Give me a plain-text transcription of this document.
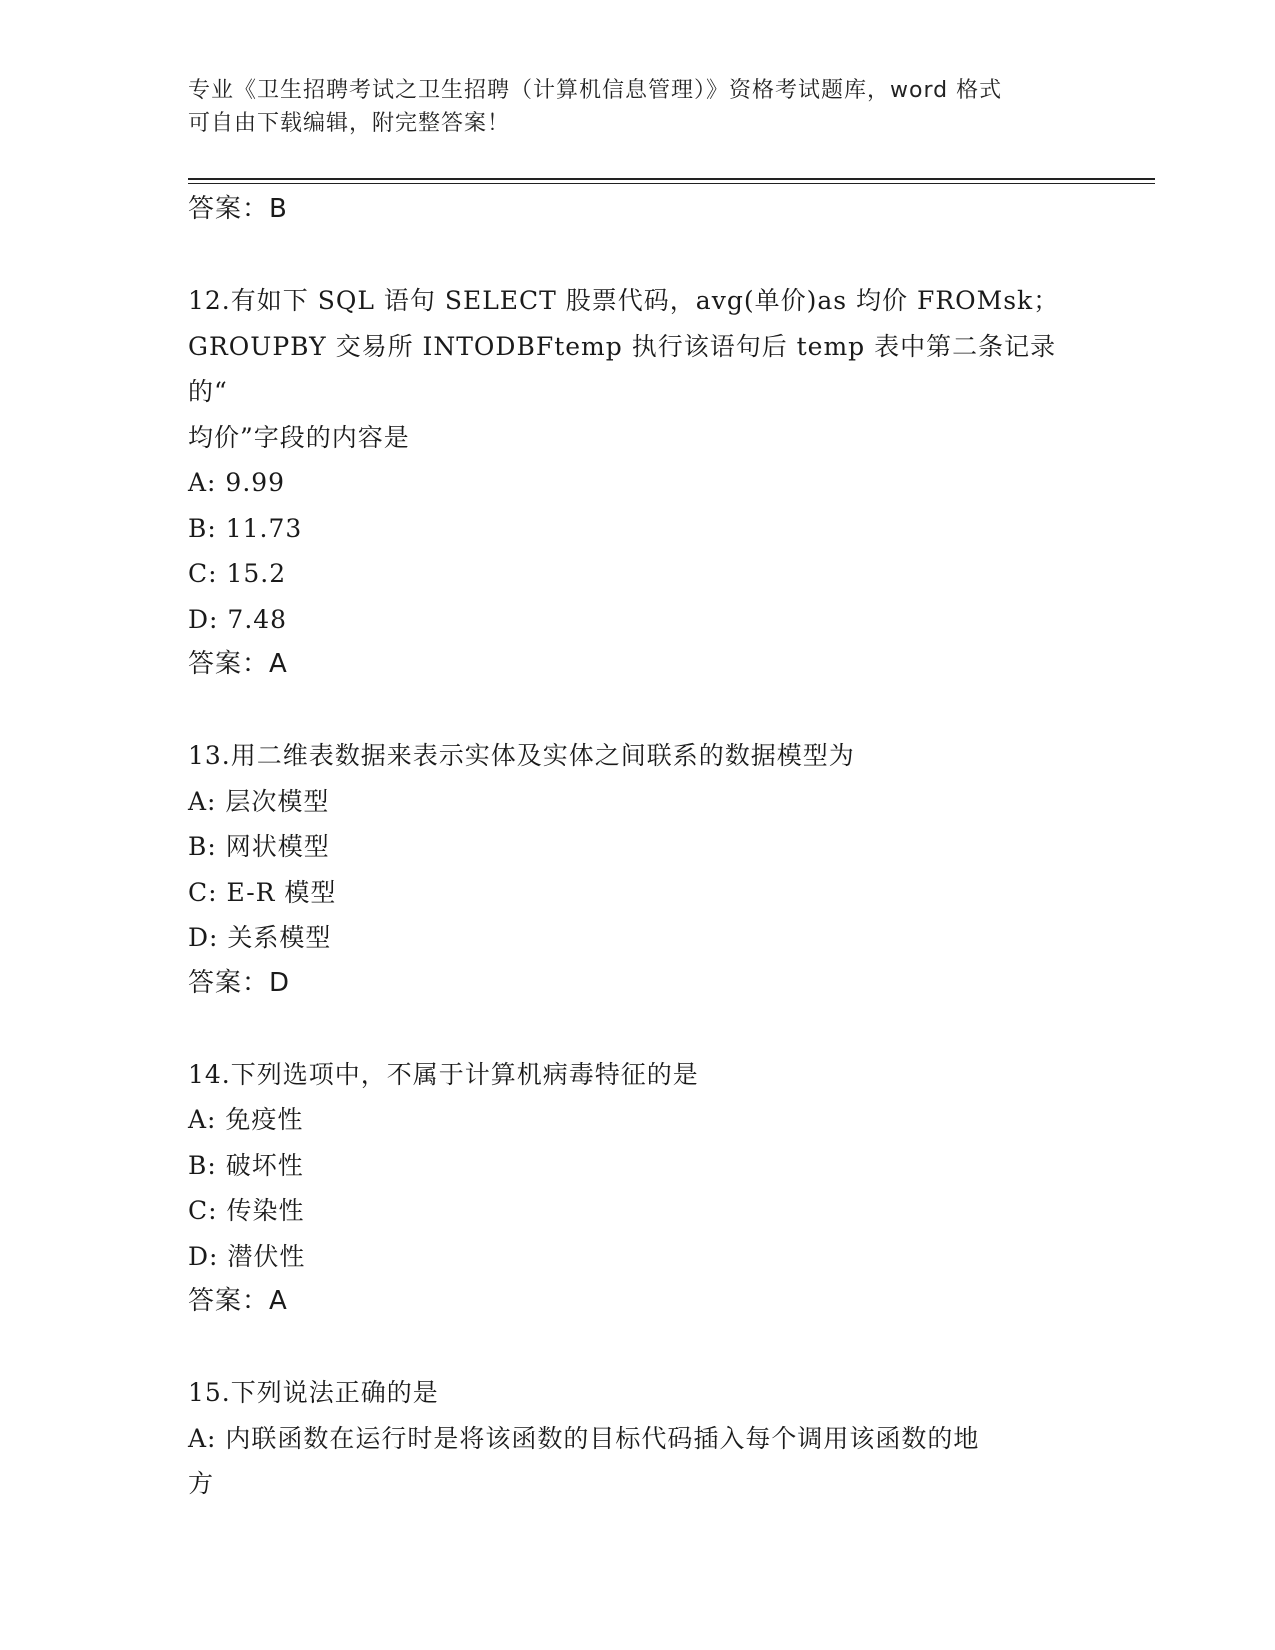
专业《卫生招聘考试之卫生招聘（计算机信息管理）》资格考试题库，word 格式
可自由下载编辑，附完整答案！
答案：B
12.有如下 SQL 语句 SELECT 股票代码，avg(单价)as 均价 FROMsk；
GROUPBY 交易所 INTODBFtemp 执行该语句后 temp 表中第二条记录的“
均价”字段的内容是
A: 9.99
B: 11.73
C: 15.2
D: 7.48
答案：A
13.用二维表数据来表示实体及实体之间联系的数据模型为
A: 层次模型
B: 网状模型
C: E-R 模型
D: 关系模型
答案：D
14.下列选项中，不属于计算机病毒特征的是
A: 免疫性
B: 破坏性
C: 传染性
D: 潜伏性
答案：A
15.下列说法正确的是
A: 内联函数在运行时是将该函数的目标代码插入每个调用该函数的地
方
